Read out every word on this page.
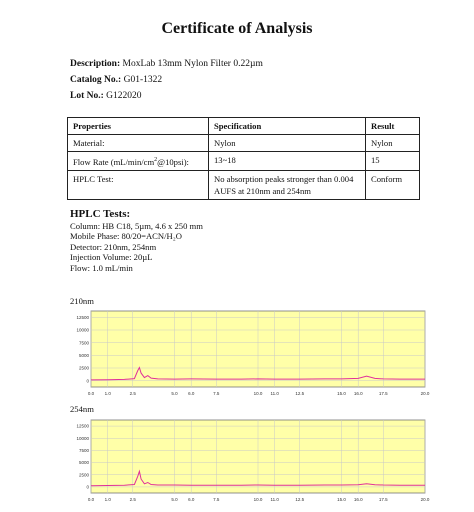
Certificate of Analysis
Description: MoxLab 13mm Nylon Filter 0.22µm
Catalog No.: G01-1322
Lot No.: G122020
Properties	Specification	Result
Material:	Nylon	Nylon
Flow Rate $(mL/\min/cm^2@10psi)$:	13~18	15
HPLC Test:	No absorption peaks stronger than 0.004 AUFS at 210nm and 254nm	Conform
HPLC Tests:
Column: HB C18, 5µm, 4.6 x 250 mm
Mobile Phase: 80/20=ACN/H₂O
Detector: 210nm, 254nm
Injection Volume: 20µL
Flow: 1.0 mL/min
210nm
0.0 1.0	2.5	5.0 6.0	7.5	10.0 11.0	12.5	15.0 16.0	17.5	20.0
12500
10000
7500
5000
2500
0
254nm
0.0 1.0	2.5	5.0 6.0	7.5	10.0 11.0	12.5	15.0 16.0	17.5	20.0
12500
10000
7500
5000
2500
0
